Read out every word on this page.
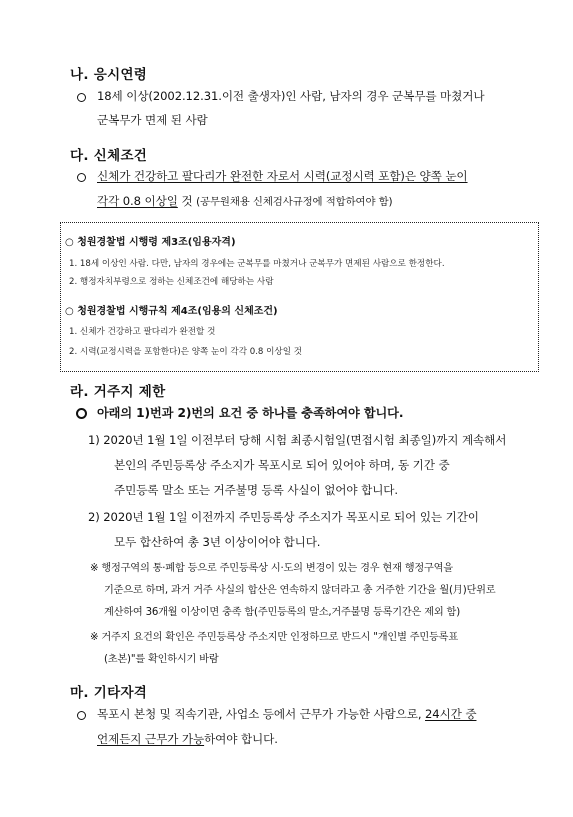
나. 응시연령
18세 이상(2002.12.31.이전 출생자)인 사람, 남자의 경우 군복무를 마쳤거나
군복무가 면제 된 사람
다. 신체조건
신체가 건강하고 팔다리가 완전한 자로서 시력(교정시력 포함)은 양쪽 눈이
각각 0.8 이상일 것 (공무원채용 신체검사규정에 적합하여야 함)
○ 청원경찰법 시행령 제3조(임용자격)
1. 18세 이상인 사람. 다만, 남자의 경우에는 군복무를 마쳤거나 군복무가 면제된 사람으로 한정한다.
2. 행정자치부령으로 정하는 신체조건에 해당하는 사람
○ 청원경찰법 시행규칙 제4조(임용의 신체조건)
1. 신체가 건강하고 팔다리가 완전할 것
2. 시력(교정시력을 포함한다)은 양쪽 눈이 각각 0.8 이상일 것
라. 거주지 제한
아래의 1)번과 2)번의 요건 중 하나를 충족하여야 합니다.
1) 2020년 1월 1일 이전부터 당해 시험 최종시험일(면접시험 최종일)까지 계속해서
본인의 주민등록상 주소지가 목포시로 되어 있어야 하며, 동 기간 중
주민등록 말소 또는 거주불명 등록 사실이 없어야 합니다.
2) 2020년 1월 1일 이전까지 주민등록상 주소지가 목포시로 되어 있는 기간이
모두 합산하여 총 3년 이상이어야 합니다.
※ 행정구역의 통·폐합 등으로 주민등록상 시·도의 변경이 있는 경우 현재 행정구역을
기준으로 하며, 과거 거주 사실의 합산은 연속하지 않더라고 총 거주한 기간을 월(月)단위로
계산하여 36개월 이상이면 충족 함(주민등록의 말소,거주불명 등록기간은 제외 함)
※ 거주지 요건의 확인은 주민등록상 주소지만 인정하므로 반드시 "개인별 주민등록표
(초본)"를 확인하시기 바람
마. 기타자격
목포시 본청 및 직속기관, 사업소 등에서 근무가 가능한 사람으로, 24시간 중
언제든지 근무가 가능하여야 합니다.
